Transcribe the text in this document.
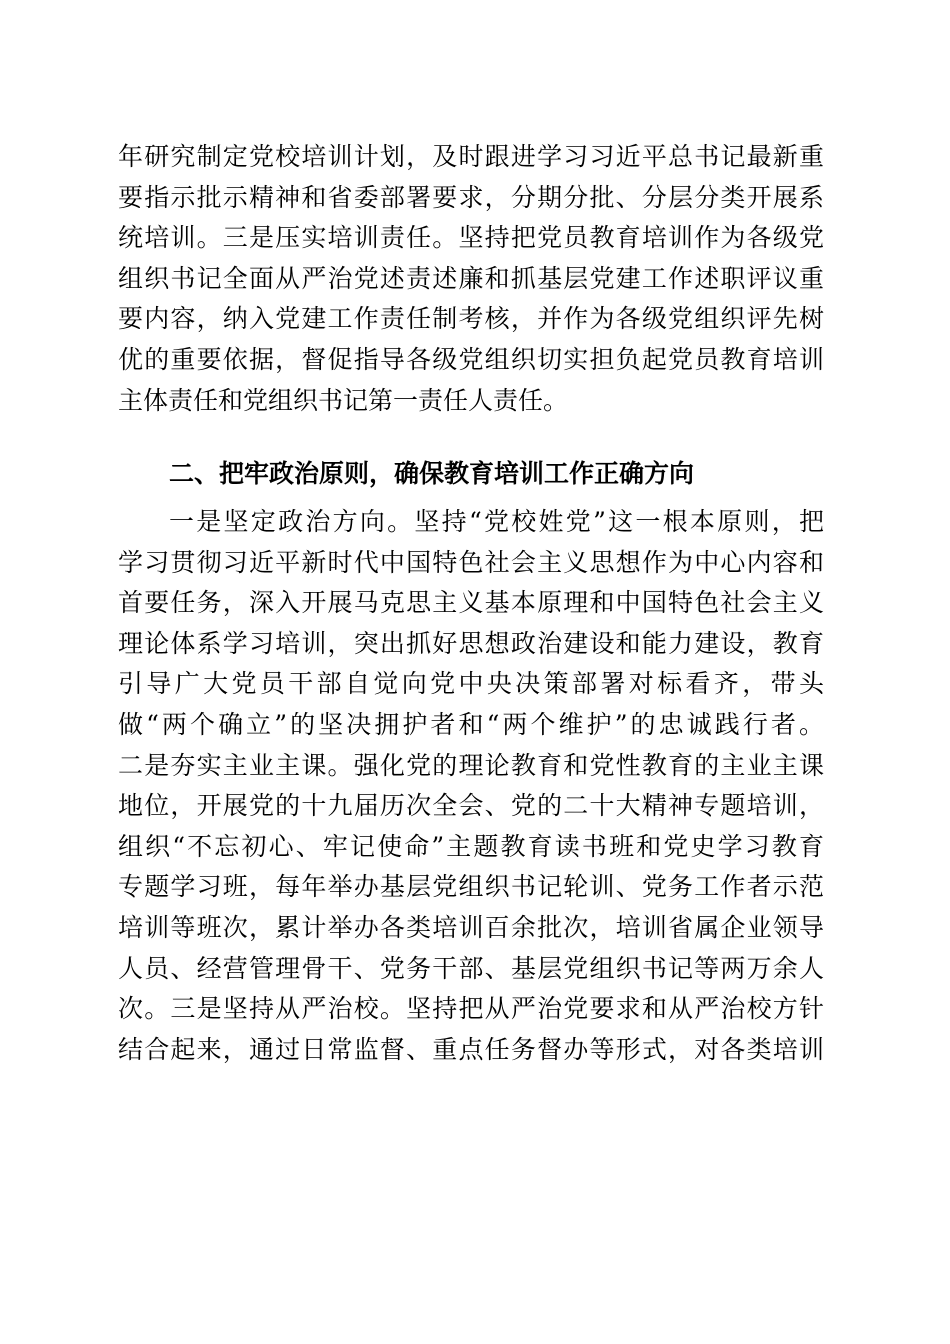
年研究制定党校培训计划，及时跟进学习习近平总书记最新重
要指示批示精神和省委部署要求，分期分批、分层分类开展系
统培训。三是压实培训责任。坚持把党员教育培训作为各级党
组织书记全面从严治党述责述廉和抓基层党建工作述职评议重
要内容，纳入党建工作责任制考核，并作为各级党组织评先树
优的重要依据，督促指导各级党组织切实担负起党员教育培训
主体责任和党组织书记第一责任人责任。
二、把牢政治原则，确保教育培训工作正确方向
一是坚定政治方向。坚持“党校姓党”这一根本原则，把
学习贯彻习近平新时代中国特色社会主义思想作为中心内容和
首要任务，深入开展马克思主义基本原理和中国特色社会主义
理论体系学习培训，突出抓好思想政治建设和能力建设，教育
引导广大党员干部自觉向党中央决策部署对标看齐，带头
做“两个确立”的坚决拥护者和“两个维护”的忠诚践行者。
二是夯实主业主课。强化党的理论教育和党性教育的主业主课
地位，开展党的十九届历次全会、党的二十大精神专题培训，
组织“不忘初心、牢记使命”主题教育读书班和党史学习教育
专题学习班，每年举办基层党组织书记轮训、党务工作者示范
培训等班次，累计举办各类培训百余批次，培训省属企业领导
人员、经营管理骨干、党务干部、基层党组织书记等两万余人
次。三是坚持从严治校。坚持把从严治党要求和从严治校方针
结合起来，通过日常监督、重点任务督办等形式，对各类培训
